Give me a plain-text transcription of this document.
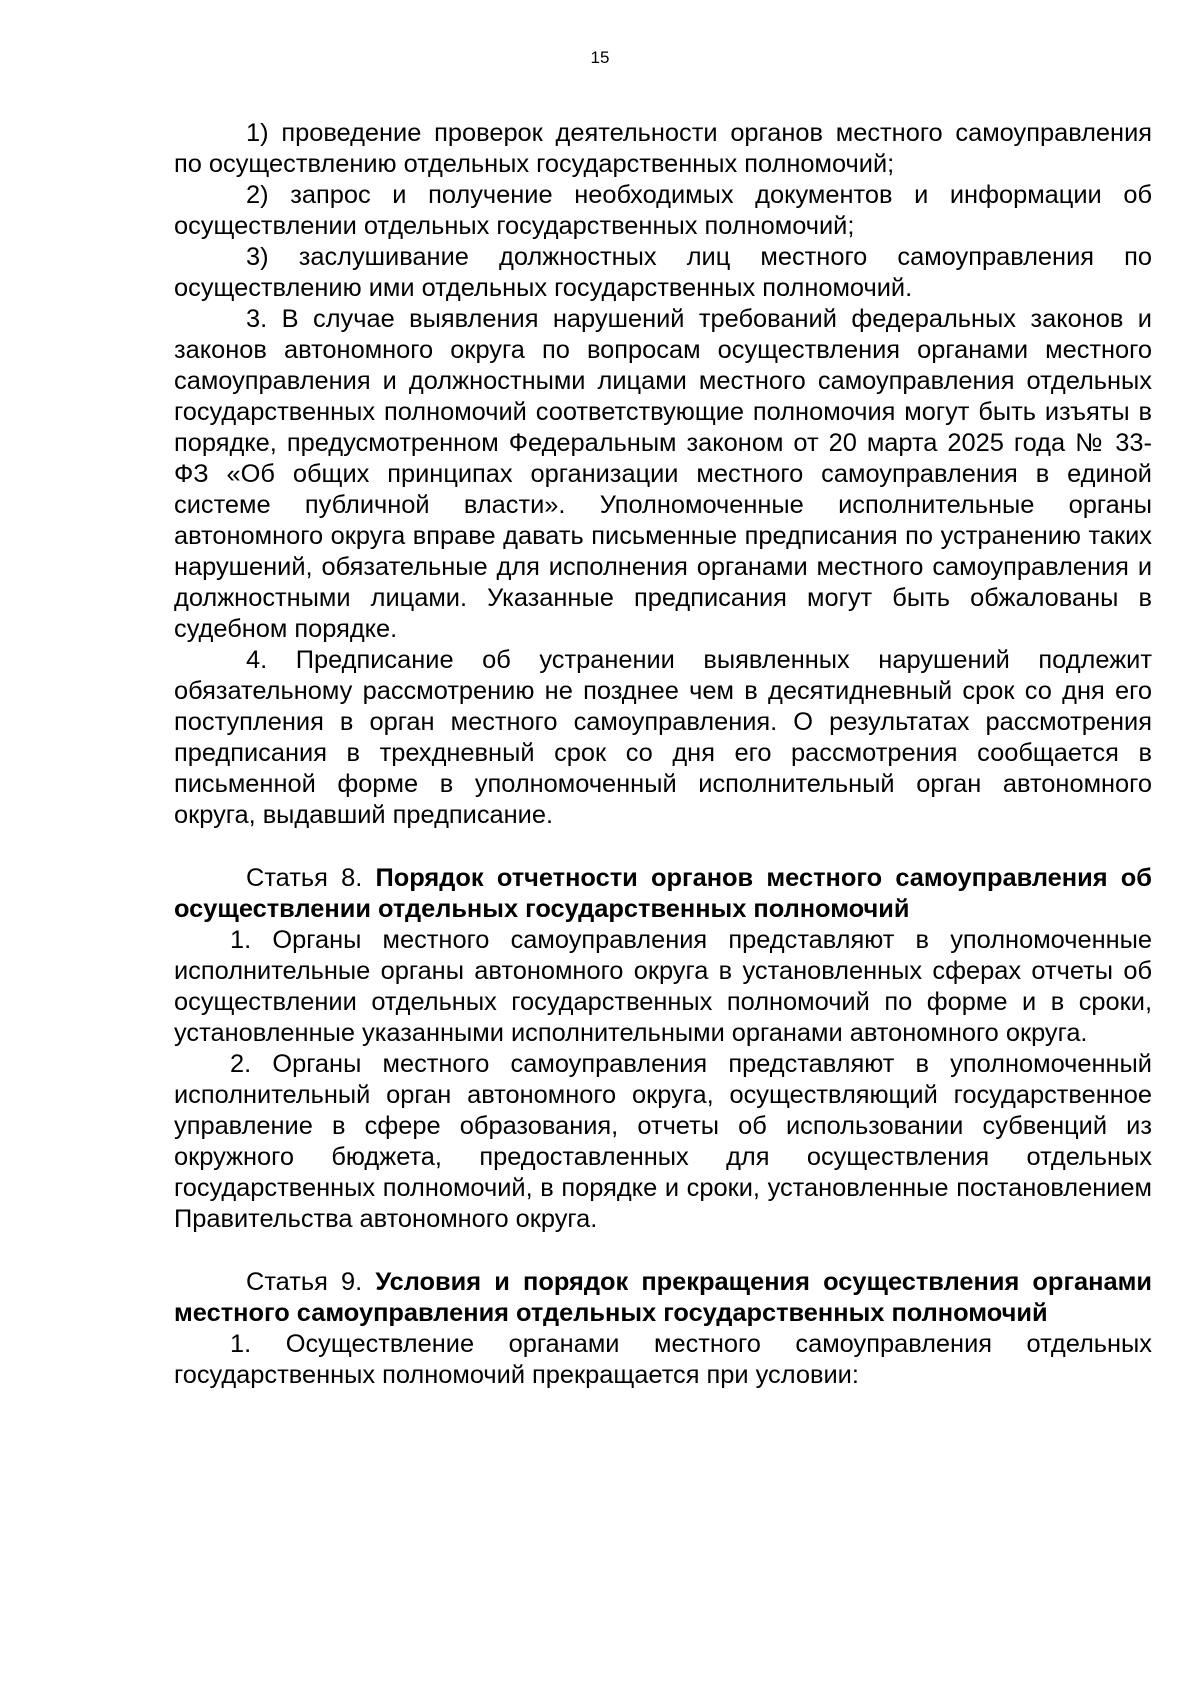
15

1) проведение проверок деятельности органов местного самоуправления по осуществлению отдельных государственных полномочий;

2) запрос и получение необходимых документов и информации об осуществлении отдельных государственных полномочий;

3) заслушивание должностных лиц местного самоуправления по осуществлению ими отдельных государственных полномочий.

3. В случае выявления нарушений требований федеральных законов и законов автономного округа по вопросам осуществления органами местного самоуправления и должностными лицами местного самоуправления отдельных государственных полномочий соответствующие полномочия могут быть изъяты в порядке, предусмотренном Федеральным законом от 20 марта 2025 года № 33-ФЗ «Об общих принципах организации местного самоуправления в единой системе публичной власти». Уполномоченные исполнительные органы автономного округа вправе давать письменные предписания по устранению таких нарушений, обязательные для исполнения органами местного самоуправления и должностными лицами. Указанные предписания могут быть обжалованы в судебном порядке.

4. Предписание об устранении выявленных нарушений подлежит обязательному рассмотрению не позднее чем в десятидневный срок со дня его поступления в орган местного самоуправления. О результатах рассмотрения предписания в трехдневный срок со дня его рассмотрения сообщается в письменной форме в уполномоченный исполнительный орган автономного округа, выдавший предписание.

Статья 8. Порядок отчетности органов местного самоуправления об осуществлении отдельных государственных полномочий

1. Органы местного самоуправления представляют в уполномоченные исполнительные органы автономного округа в установленных сферах отчеты об осуществлении отдельных государственных полномочий по форме и в сроки, установленные указанными исполнительными органами автономного округа.

2. Органы местного самоуправления представляют в уполномоченный исполнительный орган автономного округа, осуществляющий государственное управление в сфере образования, отчеты об использовании субвенций из окружного бюджета, предоставленных для осуществления отдельных государственных полномочий, в порядке и сроки, установленные постановлением Правительства автономного округа.

Статья 9. Условия и порядок прекращения осуществления органами местного самоуправления отдельных государственных полномочий

1. Осуществление органами местного самоуправления отдельных государственных полномочий прекращается при условии:
